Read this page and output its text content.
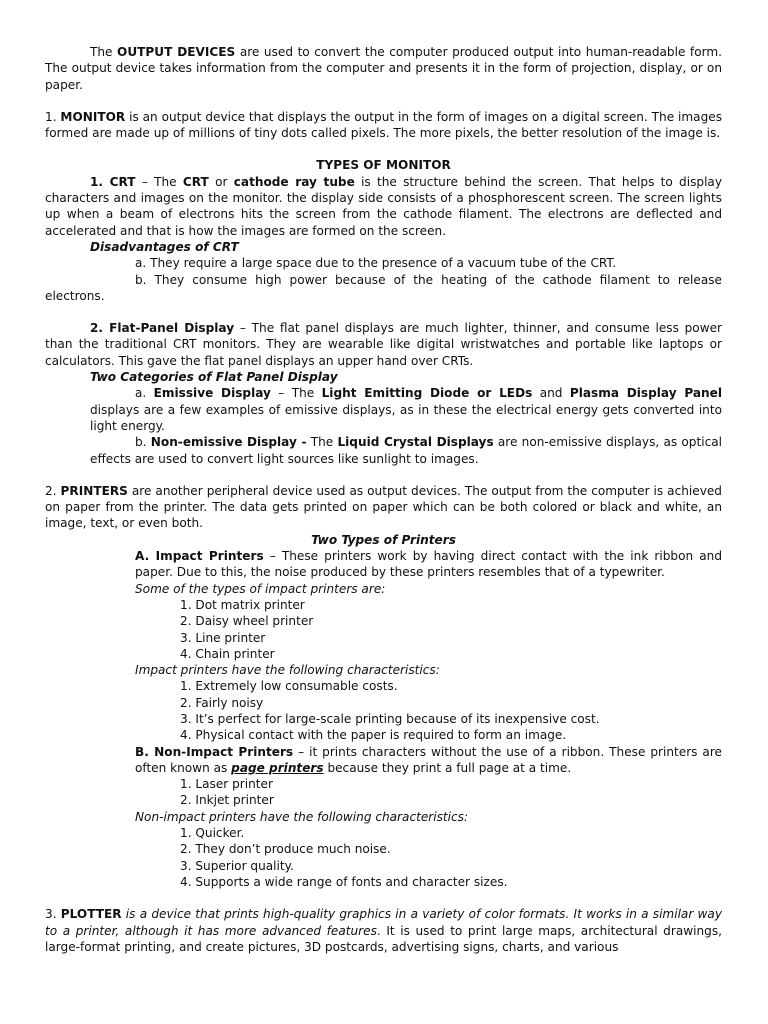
The OUTPUT DEVICES are used to convert the computer produced output into human-readable form. The output device takes information from the computer and presents it in the form of projection, display, or on paper.

1. MONITOR is an output device that displays the output in the form of images on a digital screen. The images formed are made up of millions of tiny dots called pixels. The more pixels, the better resolution of the image is.

TYPES OF MONITOR

1. CRT – The CRT or cathode ray tube is the structure behind the screen. That helps to display characters and images on the monitor. the display side consists of a phosphorescent screen. The screen lights up when a beam of electrons hits the screen from the cathode filament. The electrons are deflected and accelerated and that is how the images are formed on the screen.

Disadvantages of CRT

a. They require a large space due to the presence of a vacuum tube of the CRT.

b. They consume high power because of the heating of the cathode filament to release electrons.

2. Flat-Panel Display – The flat panel displays are much lighter, thinner, and consume less power than the traditional CRT monitors. They are wearable like digital wristwatches and portable like laptops or calculators. This gave the flat panel displays an upper hand over CRTs.

Two Categories of Flat Panel Display

a. Emissive Display – The Light Emitting Diode or LEDs and Plasma Display Panel displays are a few examples of emissive displays, as in these the electrical energy gets converted into light energy.

b. Non-emissive Display - The Liquid Crystal Displays are non-emissive displays, as optical effects are used to convert light sources like sunlight to images.

2. PRINTERS are another peripheral device used as output devices. The output from the computer is achieved on paper from the printer. The data gets printed on paper which can be both colored or black and white, an image, text, or even both.

Two Types of Printers

A. Impact Printers – These printers work by having direct contact with the ink ribbon and paper. Due to this, the noise produced by these printers resembles that of a typewriter.

Some of the types of impact printers are:

1. Dot matrix printer
2. Daisy wheel printer
3. Line printer
4. Chain printer

Impact printers have the following characteristics:

1. Extremely low consumable costs.
2. Fairly noisy
3. It’s perfect for large-scale printing because of its inexpensive cost.
4. Physical contact with the paper is required to form an image.

B. Non-Impact Printers – it prints characters without the use of a ribbon. These printers are often known as page printers because they print a full page at a time.

1. Laser printer
2. Inkjet printer

Non-impact printers have the following characteristics:

1. Quicker.
2. They don’t produce much noise.
3. Superior quality.
4. Supports a wide range of fonts and character sizes.

3. PLOTTER is a device that prints high-quality graphics in a variety of color formats. It works in a similar way to a printer, although it has more advanced features. It is used to print large maps, architectural drawings, large-format printing, and create pictures, 3D postcards, advertising signs, charts, and various
